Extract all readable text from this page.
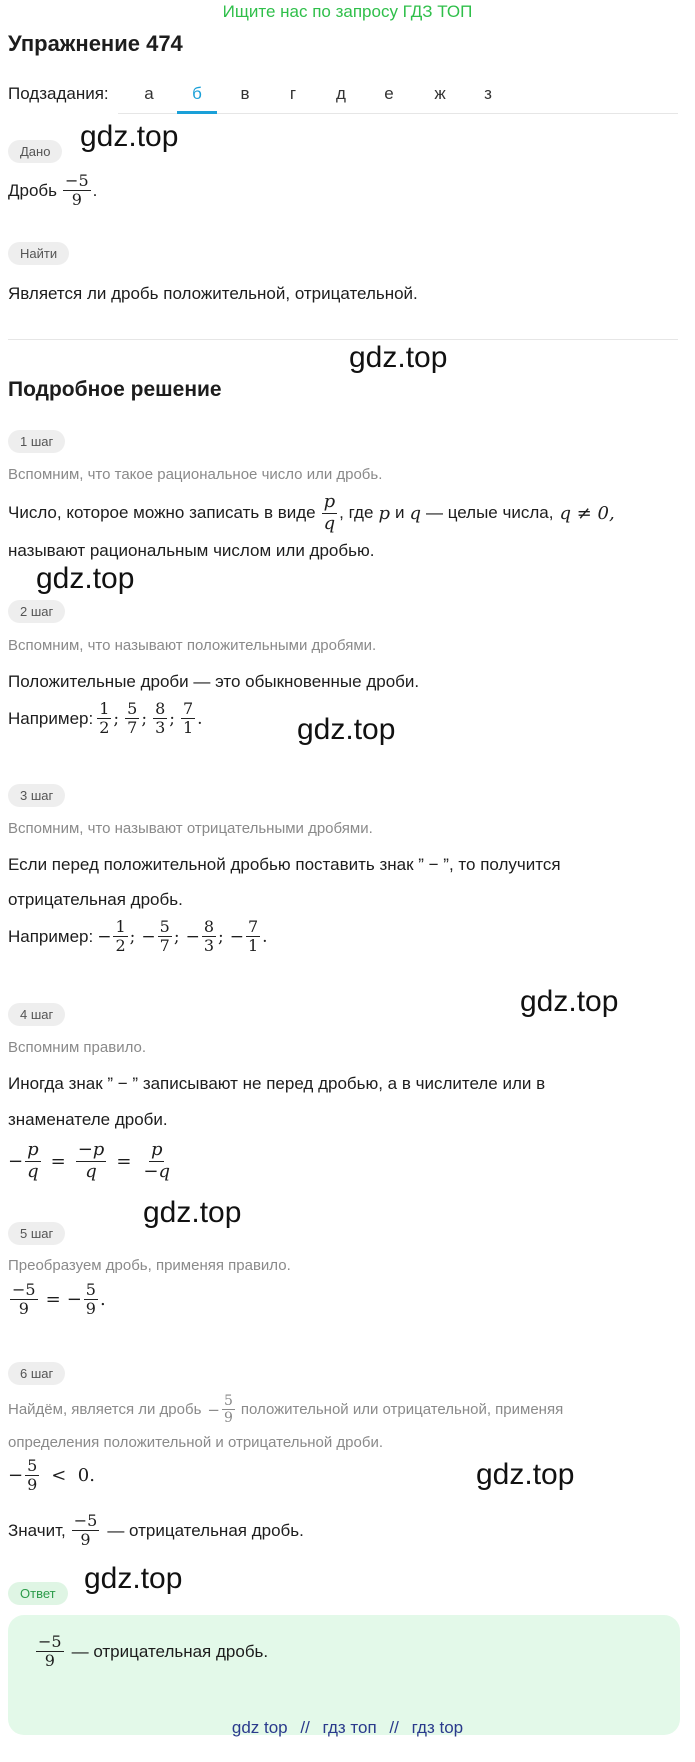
Ищите нас по запросу ГДЗ ТОП
Упражнение 474
Подзадания:	а	б	в	г	д	е	ж	з
Дано gdz.top
Дробь $\frac{-5}{9}$ .
Найти
Является ли дробь положительной, отрицательной.
gdz.top
Подробное решение
1 шаг
Вспомним, что такое рациональное число или дробь.
Число, которое можно записать в виде $\frac{p}{q}$ , где p и q — целые числа, q ≠ 0,
называют рациональным числом или дробью.
gdz.top
2 шаг
Вспомним, что называют положительными дробями.
Положительные дроби — это обыкновенные дроби.
Например: $\frac{1}{2}$ ; $\frac{5}{7}$ ; $\frac{8}{3}$ ; $\frac{7}{1}$ .	gdz.top
3 шаг
Вспомним, что называют отрицательными дробями.
Если перед положительной дробью поставить знак ” − ”, то получится
отрицательная дробь.
Например: − $\frac{1}{2}$ ; − $\frac{5}{7}$ ; − $\frac{8}{3}$ ; − $\frac{7}{1}$ .
gdz.top
4 шаг
Вспомним правило.
Иногда знак ” − ” записывают не перед дробью, а в числителе или в
знаменателе дроби.
− $\frac{p}{q} = \frac{-p}{q} = \frac{p}{-q}$
gdz.top
5 шаг
Преобразуем дробь, применяя правило.
$\frac{-5}{9}$ = − $\frac{5}{9}$ .
6 шаг
Найдём, является ли дробь − $\frac{5}{9}$ положительной или отрицательной, применяя
определения положительной и отрицательной дроби.
− $\frac{5}{9} < 0$.	gdz.top
Значит, $\frac{-5}{9}$ — отрицательная дробь.
Ответ gdz.top
$\frac{-5}{9}$ — отрицательная дробь.
gdz top // гдз топ // гдз top
